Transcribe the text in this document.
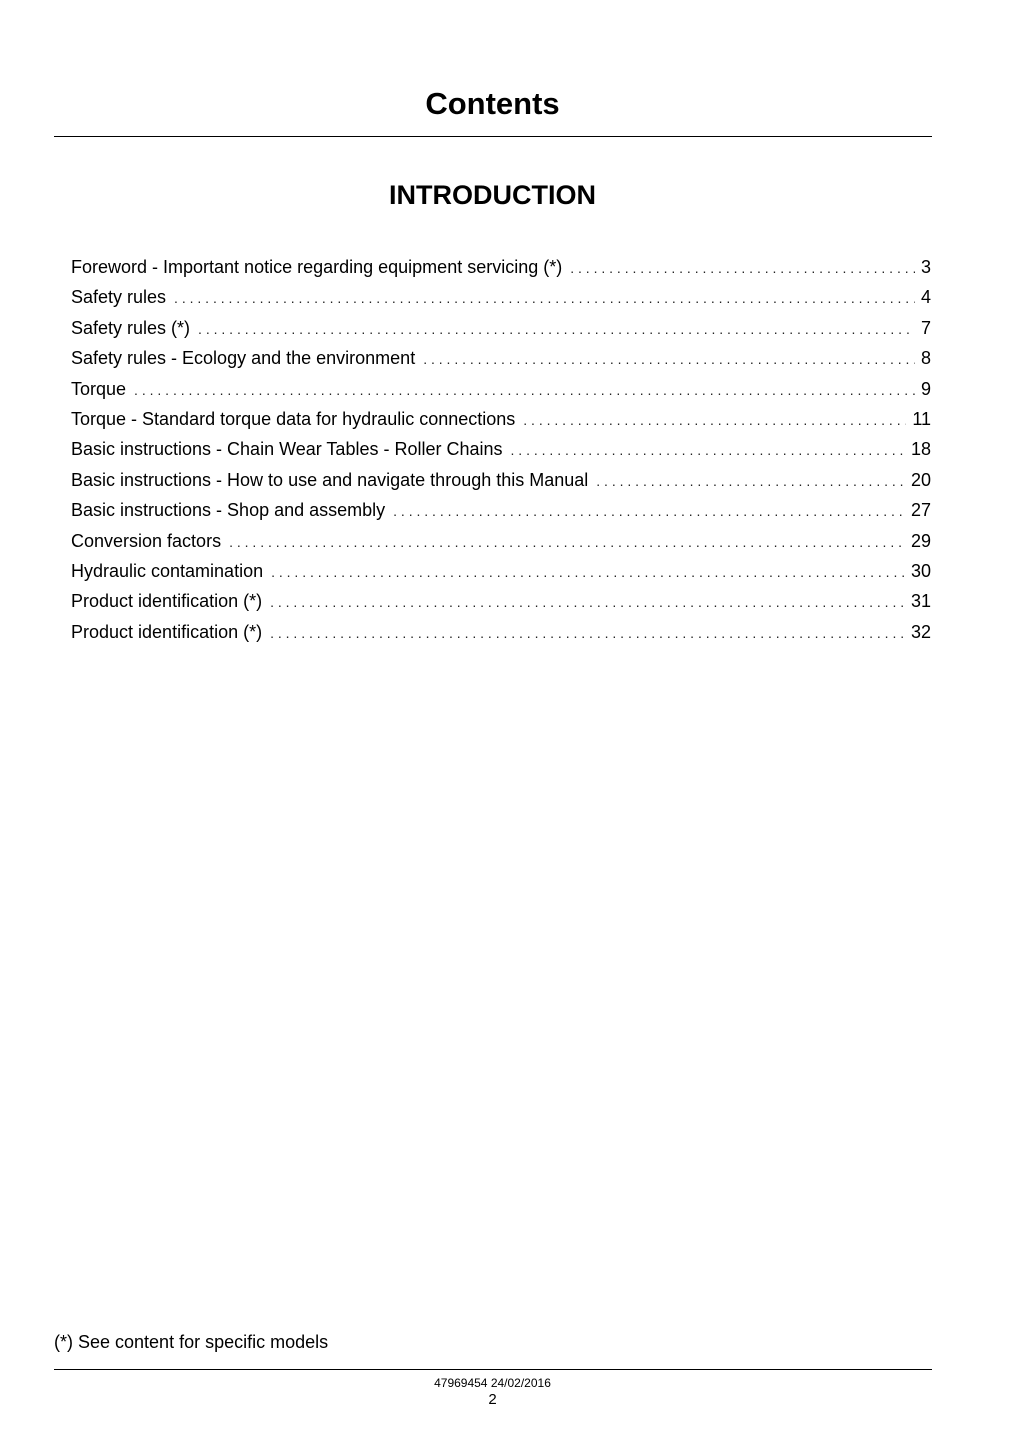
Contents
INTRODUCTION
Foreword - Important notice regarding equipment servicing (*) . . .	3
Safety rules . . .	4
Safety rules (*) . . .	7
Safety rules - Ecology and the environment . . .	8
Torque . . .	9
Torque - Standard torque data for hydraulic connections . . .	11
Basic instructions - Chain Wear Tables - Roller Chains . . .	18
Basic instructions - How to use and navigate through this Manual . . .	20
Basic instructions - Shop and assembly . . .	27
Conversion factors . . .	29
Hydraulic contamination . . .	30
Product identification (*) . . .	31
Product identification (*) . . .	32

(*) See content for specific models

47969454 24/02/2016
2
